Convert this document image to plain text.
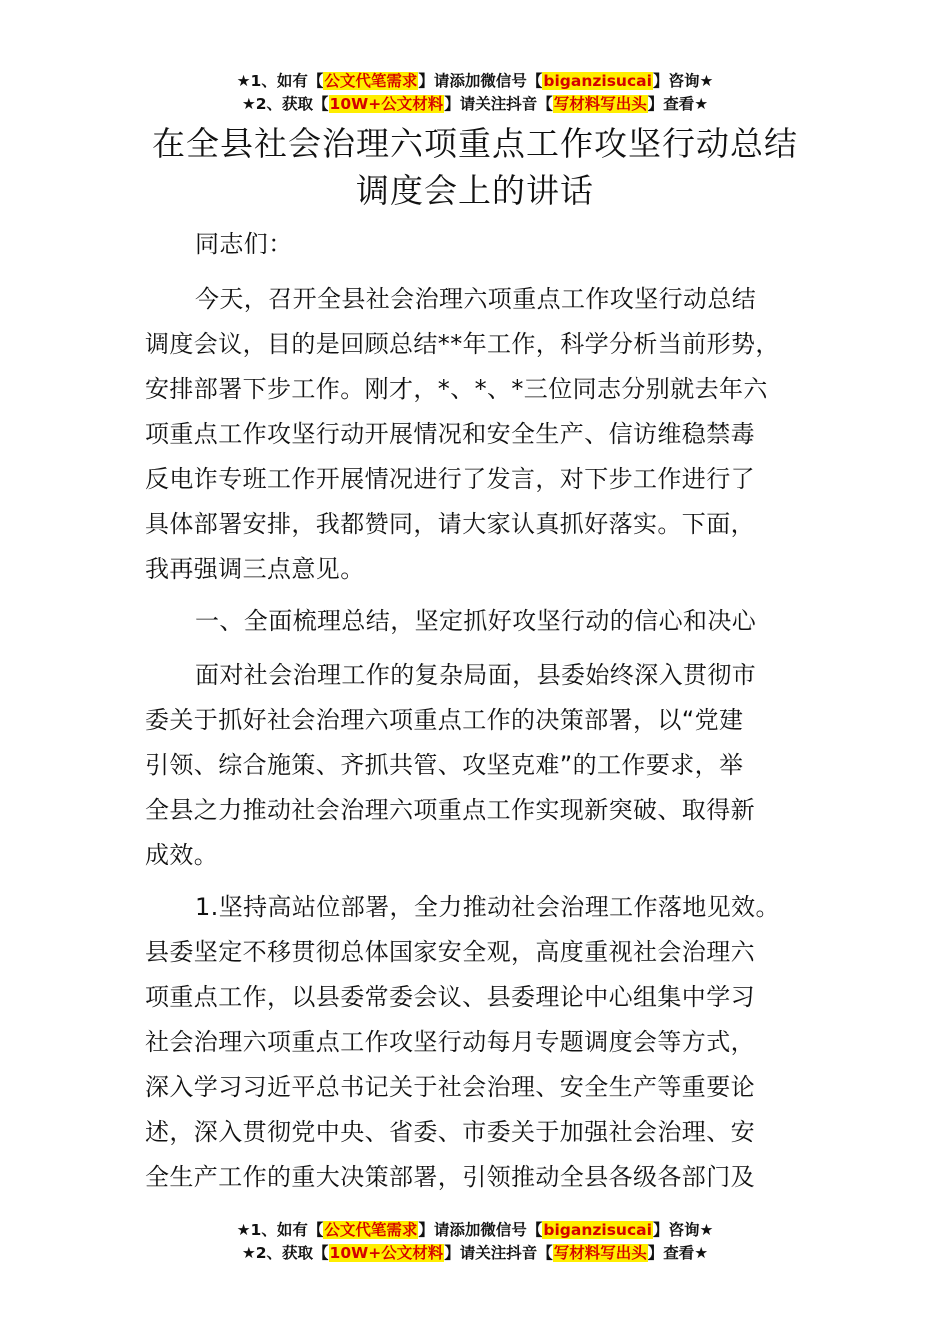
★1、如有【公文代笔需求】请添加微信号【biganzisucai】咨询★
★2、获取【10W+公文材料】请关注抖音【写材料写出头】查看★
在全县社会治理六项重点工作攻坚行动总结
调度会上的讲话
同志们：
今天，召开全县社会治理六项重点工作攻坚行动总结
调度会议，目的是回顾总结**年工作，科学分析当前形势，
安排部署下步工作。刚才，*、*、*三位同志分别就去年六
项重点工作攻坚行动开展情况和安全生产、信访维稳禁毒
反电诈专班工作开展情况进行了发言，对下步工作进行了
具体部署安排，我都赞同，请大家认真抓好落实。下面，
我再强调三点意见。
一、全面梳理总结，坚定抓好攻坚行动的信心和决心
面对社会治理工作的复杂局面，县委始终深入贯彻市
委关于抓好社会治理六项重点工作的决策部署，以“党建
引领、综合施策、齐抓共管、攻坚克难”的工作要求，举
全县之力推动社会治理六项重点工作实现新突破、取得新
成效。
1.坚持高站位部署，全力推动社会治理工作落地见效。
县委坚定不移贯彻总体国家安全观，高度重视社会治理六
项重点工作，以县委常委会议、县委理论中心组集中学习
社会治理六项重点工作攻坚行动每月专题调度会等方式，
深入学习习近平总书记关于社会治理、安全生产等重要论
述，深入贯彻党中央、省委、市委关于加强社会治理、安
全生产工作的重大决策部署，引领推动全县各级各部门及
★1、如有【公文代笔需求】请添加微信号【biganzisucai】咨询★
★2、获取【10W+公文材料】请关注抖音【写材料写出头】查看★
